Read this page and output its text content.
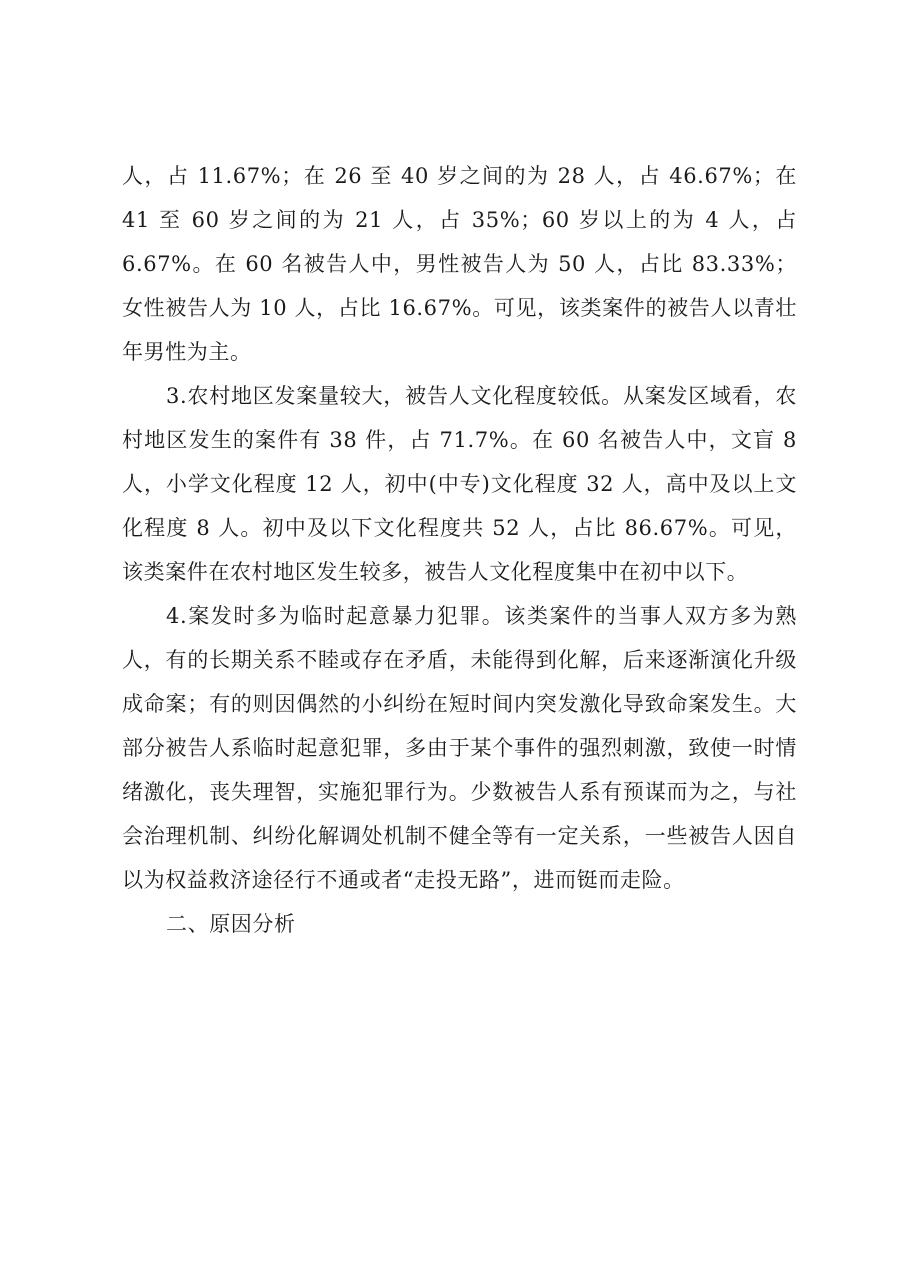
人，占 11.67%；在 26 至 40 岁之间的为 28 人，占 46.67%；在 41 至 60 岁之间的为 21 人，占 35%；60 岁以上的为 4 人，占 6.67%。在 60 名被告人中，男性被告人为 50 人，占比 83.33%；女性被告人为 10 人，占比 16.67%。可见，该类案件的被告人以青壮年男性为主。

3.农村地区发案量较大，被告人文化程度较低。从案发区域看，农村地区发生的案件有 38 件，占 71.7%。在 60 名被告人中，文盲 8 人，小学文化程度 12 人，初中(中专)文化程度 32 人，高中及以上文化程度 8 人。初中及以下文化程度共 52 人，占比 86.67%。可见，该类案件在农村地区发生较多，被告人文化程度集中在初中以下。

4.案发时多为临时起意暴力犯罪。该类案件的当事人双方多为熟人，有的长期关系不睦或存在矛盾，未能得到化解，后来逐渐演化升级成命案；有的则因偶然的小纠纷在短时间内突发激化导致命案发生。大部分被告人系临时起意犯罪，多由于某个事件的强烈刺激，致使一时情绪激化，丧失理智，实施犯罪行为。少数被告人系有预谋而为之，与社会治理机制、纠纷化解调处机制不健全等有一定关系，一些被告人因自以为权益救济途径行不通或者“走投无路”，进而铤而走险。

二、原因分析
